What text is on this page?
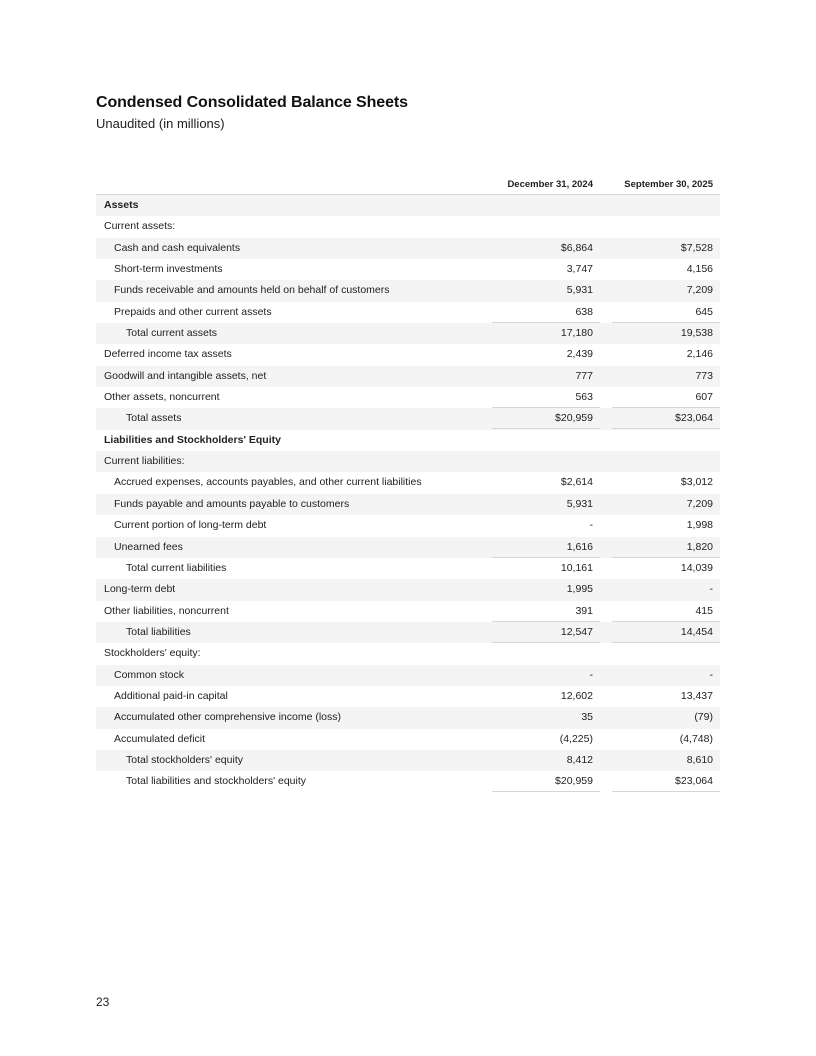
Condensed Consolidated Balance Sheets
Unaudited (in millions)
December 31, 2024	September 30, 2025
Assets
Current assets:
Cash and cash equivalents	$6,864	$7,528
Short-term investments	3,747	4,156
Funds receivable and amounts held on behalf of customers	5,931	7,209
Prepaids and other current assets	638	645
Total current assets	17,180	19,538
Deferred income tax assets	2,439	2,146
Goodwill and intangible assets, net	777	773
Other assets, noncurrent	563	607
Total assets	$20,959	$23,064
Liabilities and Stockholders' Equity
Current liabilities:
Accrued expenses, accounts payables, and other current liabilities	$2,614	$3,012
Funds payable and amounts payable to customers	5,931	7,209
Current portion of long-term debt	-	1,998
Unearned fees	1,616	1,820
Total current liabilities	10,161	14,039
Long-term debt	1,995	-
Other liabilities, noncurrent	391	415
Total liabilities	12,547	14,454
Stockholders' equity:
Common stock	-	-
Additional paid-in capital	12,602	13,437
Accumulated other comprehensive income (loss)	35	(79)
Accumulated deficit	(4,225)	(4,748)
Total stockholders' equity	8,412	8,610
Total liabilities and stockholders' equity	$20,959	$23,064
23
